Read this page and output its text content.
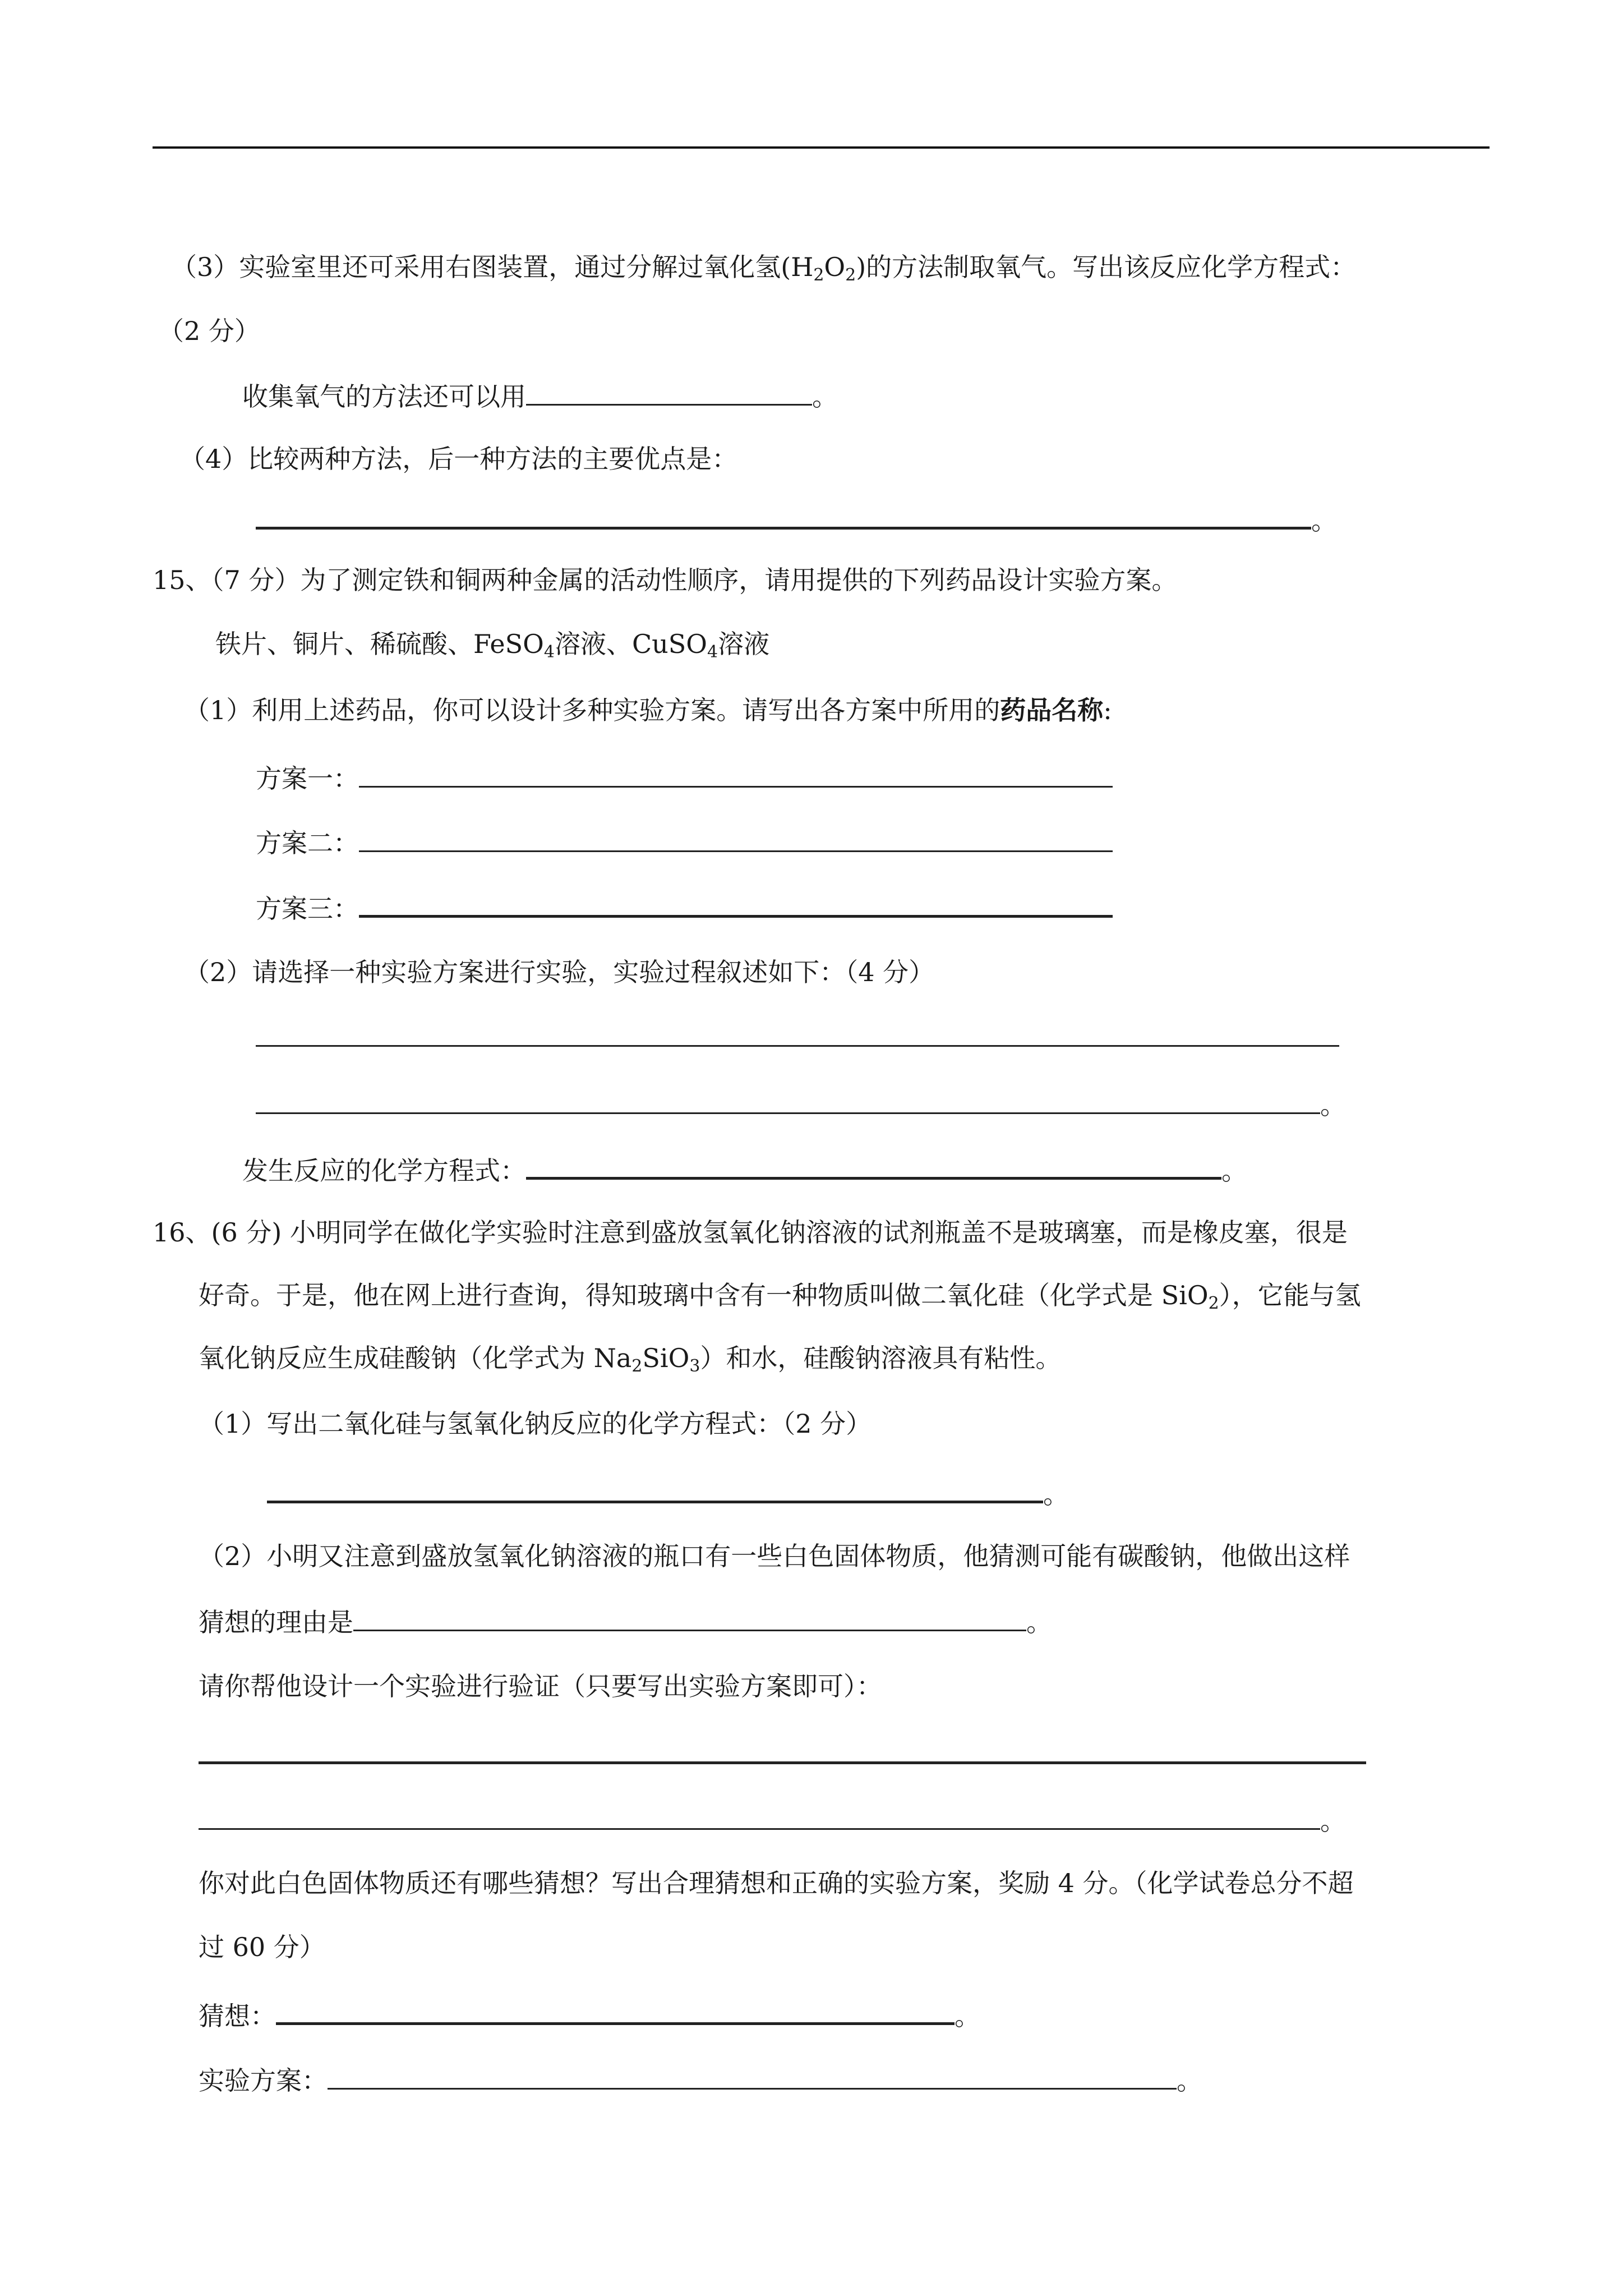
（3）实验室里还可采用右图装置，通过分解过氧化氢$(H_2O_2)$的方法制取氧气。写出该反应化学方程式：
（2 分）
收集氧气的方法还可以用	。
（4）比较两种方法，后一种方法的主要优点是：
。
15、（7 分）为了测定铁和铜两种金属的活动性顺序，请用提供的下列药品设计实验方案。
铁片、铜片、稀硫酸、FeSO$_4$溶液、CuSO$_4$溶液
（1）利用上述药品，你可以设计多种实验方案。请写出各方案中所用的药品名称:
方案一：
方案二：
方案三：
（2）请选择一种实验方案进行实验，实验过程叙述如下：（4 分）
。
发生反应的化学方程式：	。
16、(6 分) 小明同学在做化学实验时注意到盛放氢氧化钠溶液的试剂瓶盖不是玻璃塞，而是橡皮塞，很是
好奇。于是，他在网上进行查询，得知玻璃中含有一种物质叫做二氧化硅（化学式是 SiO$_2$），它能与氢
氧化钠反应生成硅酸钠（化学式为 $Na_2SiO_3$）和水，硅酸钠溶液具有粘性。
（1）写出二氧化硅与氢氧化钠反应的化学方程式：（2 分）
。
（2）小明又注意到盛放氢氧化钠溶液的瓶口有一些白色固体物质，他猜测可能有碳酸钠，他做出这样
猜想的理由是	。
请你帮他设计一个实验进行验证（只要写出实验方案即可）：
。
你对此白色固体物质还有哪些猜想？写出合理猜想和正确的实验方案，奖励 4 分。（化学试卷总分不超
过 60 分）
猜想：	。
实验方案：	。
